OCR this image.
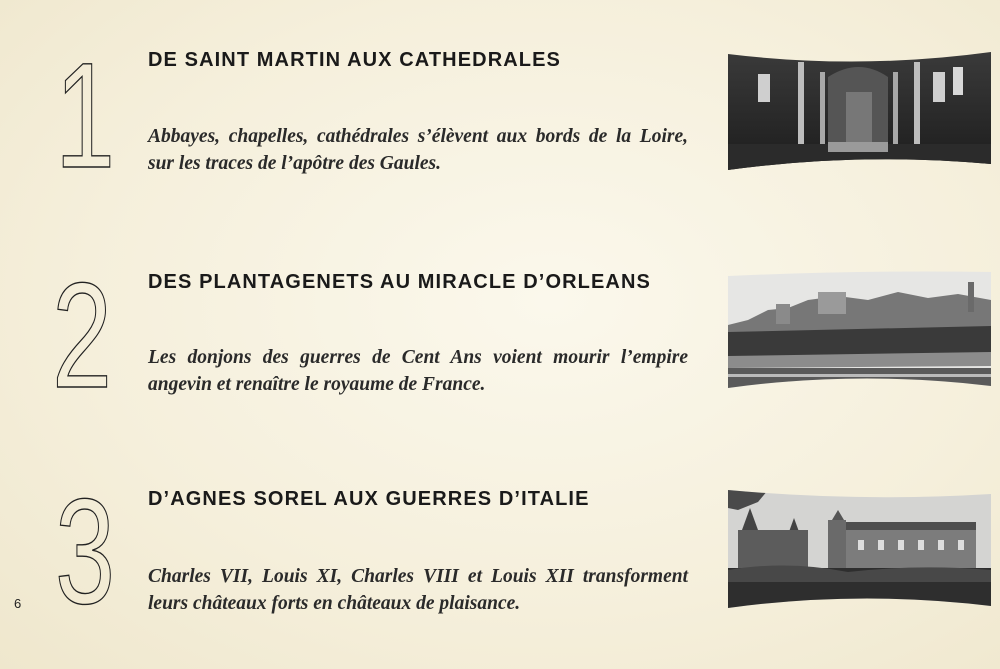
1 DE SAINT MARTIN AUX CATHEDRALES

Abbayes, chapelles, cathédrales s’élèvent aux bords de la Loire, sur les traces de l’apôtre des Gaules.

2 DES PLANTAGENETS AU MIRACLE D’ORLEANS

Les donjons des guerres de Cent Ans voient mourir l’empire angevin et renaître le royaume de France.

3 D’AGNES SOREL AUX GUERRES D’ITALIE

Charles VII, Louis XI, Charles VIII et Louis XII transforment leurs châteaux forts en châteaux de plaisance.

6
